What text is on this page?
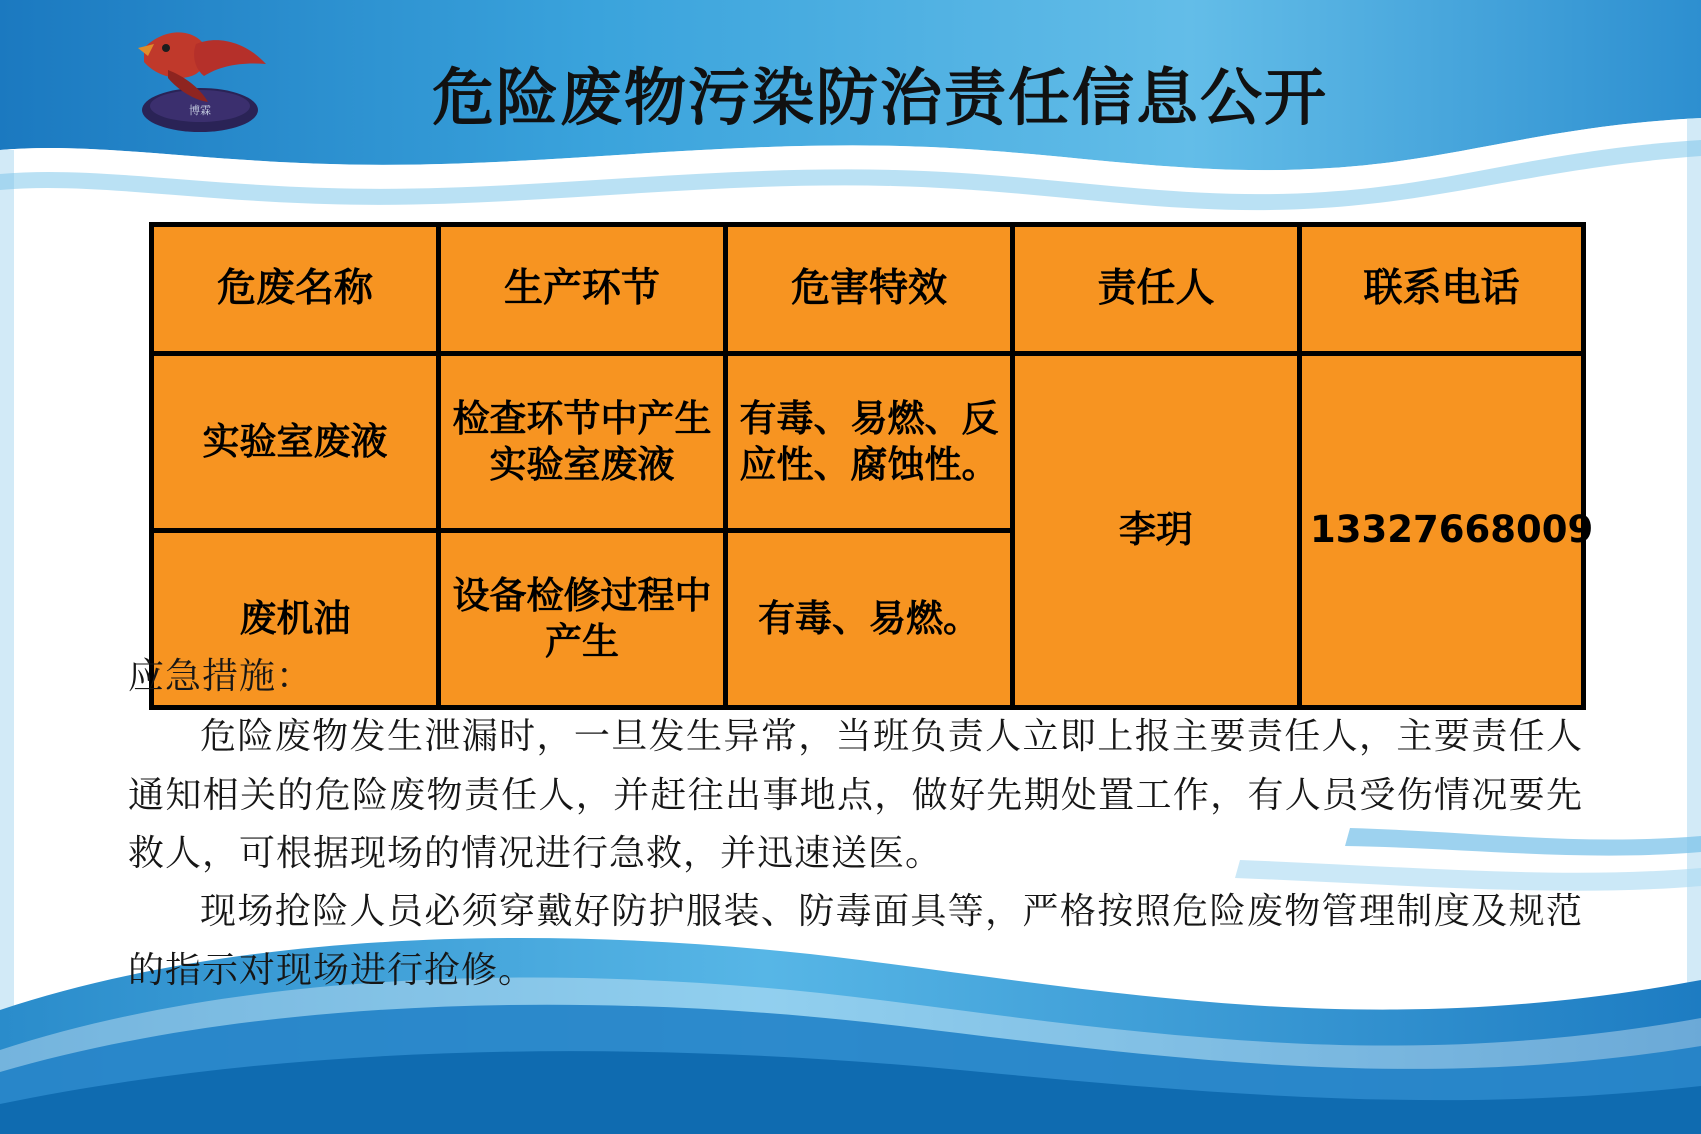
博霖	危险废物污染防治责任信息公开
危废名称	生产环节	危害特效	责任人	联系电话
实验室废液	检查环节中产生实验室废液	有毒、易燃、反应性、腐蚀性。	李玥	13327668009
废机油	设备检修过程中产生	有毒、易燃。		
应急措施：

危险废物发生泄漏时，一旦发生异常，当班负责人立即上报主要责任人，主要责任人通知相关的危险废物责任人，并赶往出事地点，做好先期处置工作，有人员受伤情况要先救人，可根据现场的情况进行急救，并迅速送医。

现场抢险人员必须穿戴好防护服装、防毒面具等，严格按照危险废物管理制度及规范的指示对现场进行抢修。
